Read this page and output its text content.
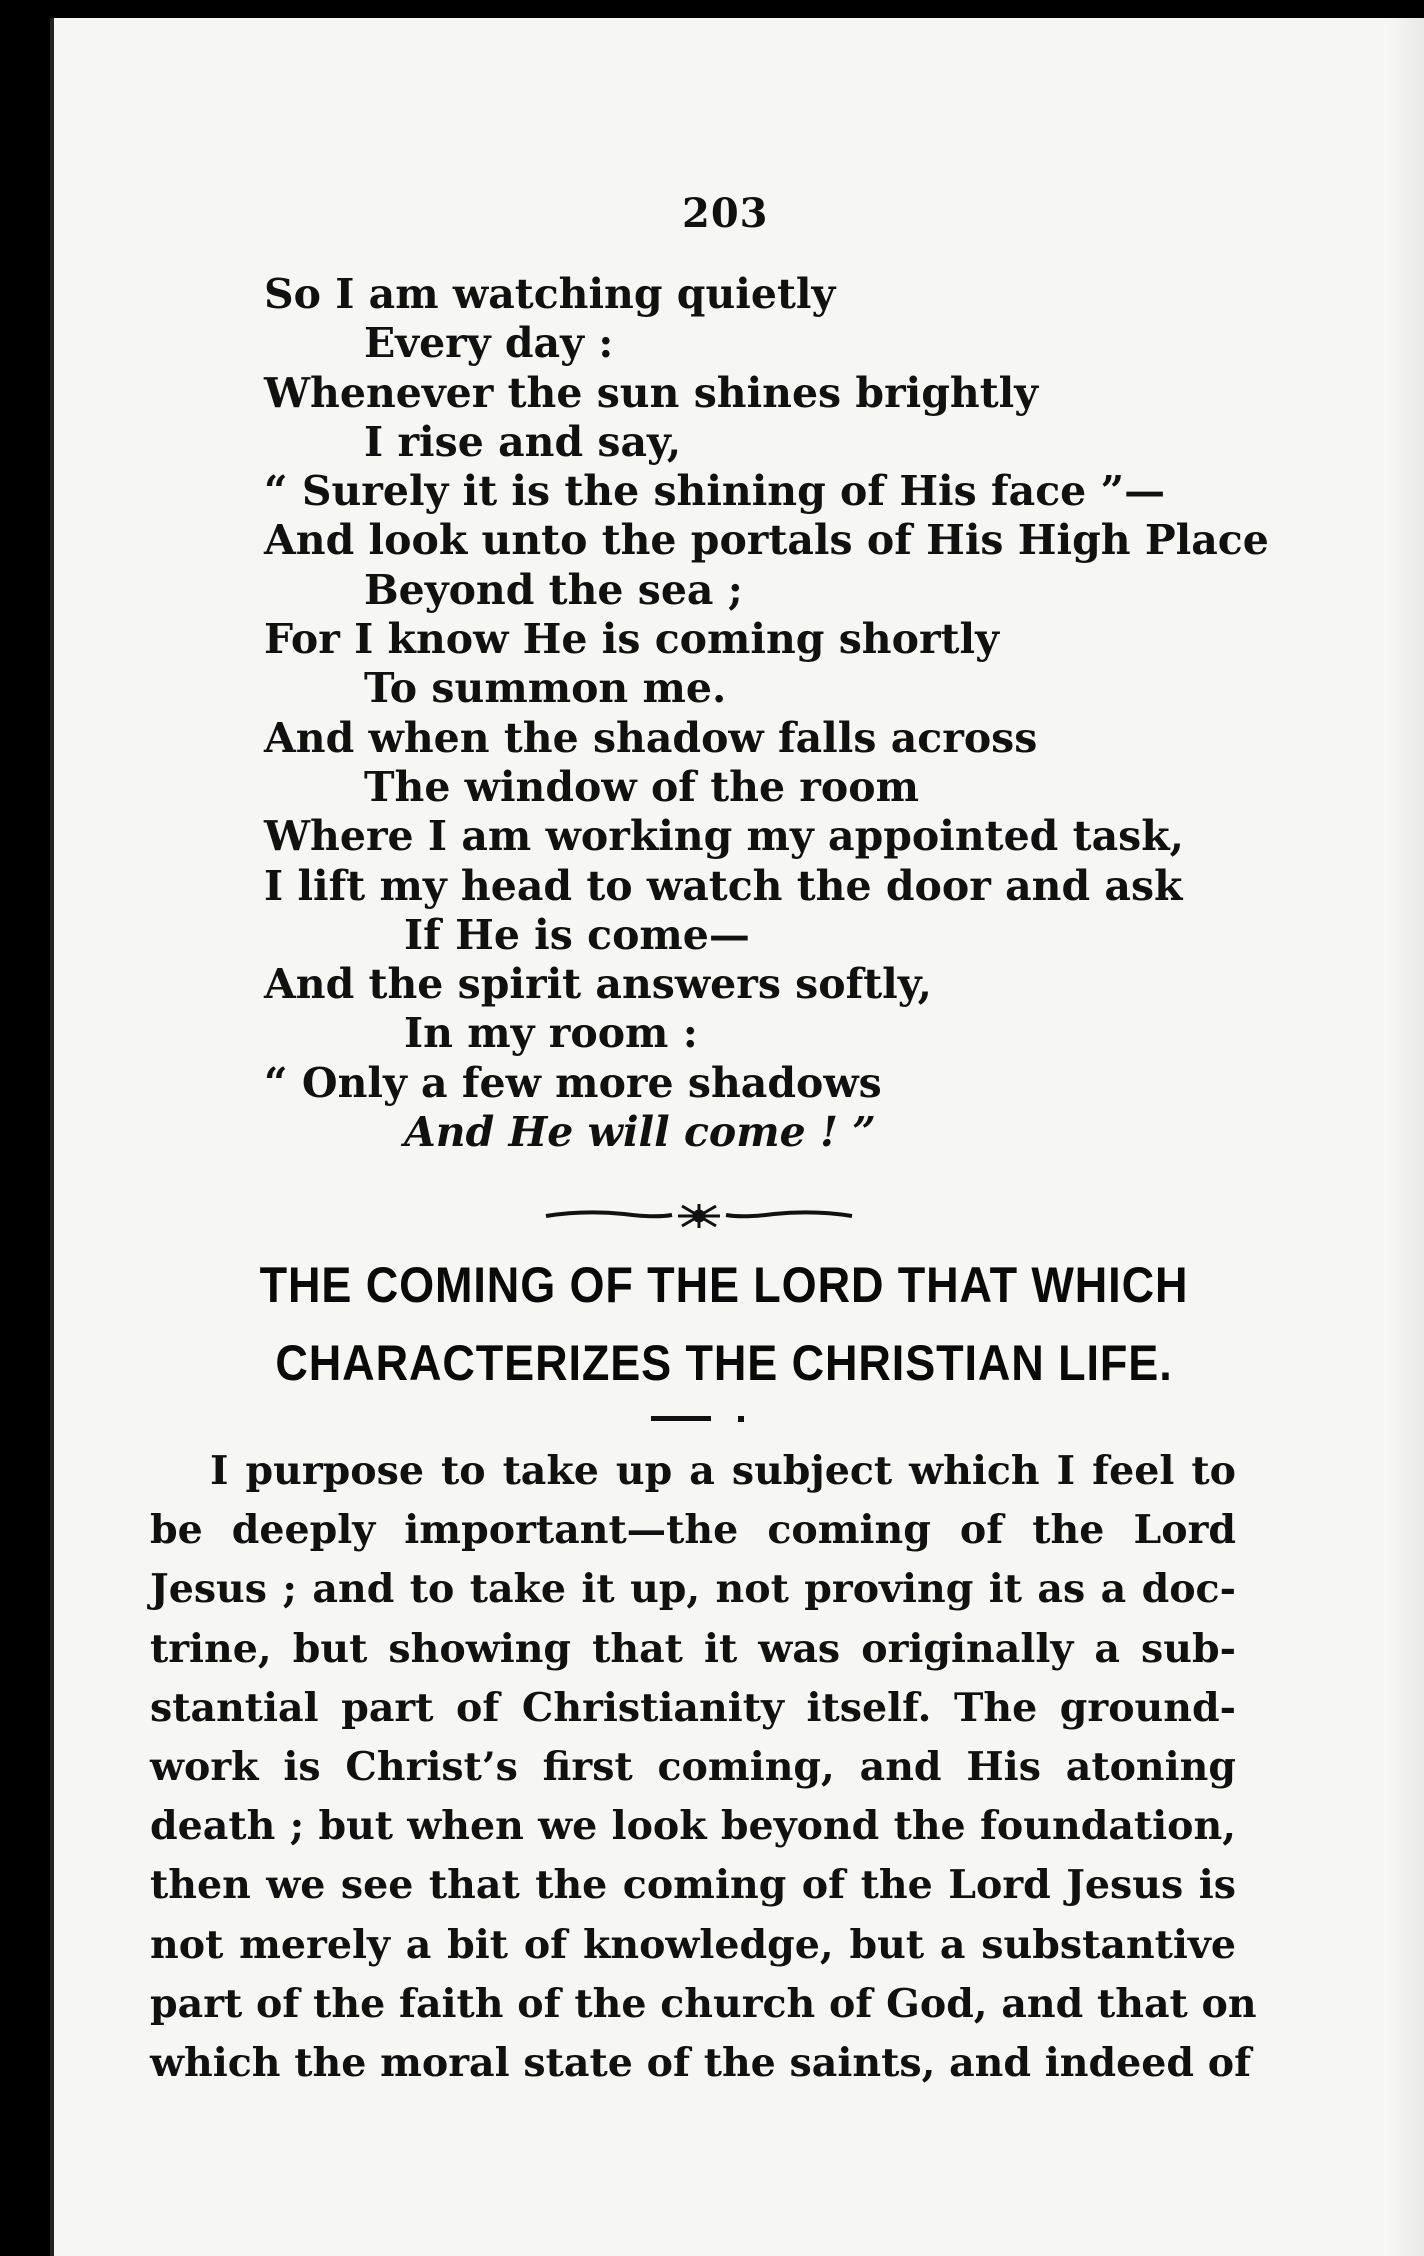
203
So I am watching quietly
Every day :
Whenever the sun shines brightly
I rise and say,
“ Surely it is the shining of His face ”—
And look unto the portals of His High Place
Beyond the sea ;
For I know He is coming shortly
To summon me.
And when the shadow falls across
The window of the room
Where I am working my appointed task,
I lift my head to watch the door and ask
If He is come—
And the spirit answers softly,
In my room :
“ Only a few more shadows
And He will come ! ”
THE COMING OF THE LORD THAT WHICH
CHARACTERIZES THE CHRISTIAN LIFE.
I purpose to take up a subject which I feel to
be deeply important—the coming of the Lord
Jesus ; and to take it up, not proving it as a doc-
trine, but showing that it was originally a sub-
stantial part of Christianity itself. The ground-
work is Christ’s first coming, and His atoning
death ; but when we look beyond the foundation,
then we see that the coming of the Lord Jesus is
not merely a bit of knowledge, but a substantive
part of the faith of the church of God, and that on
which the moral state of the saints, and indeed of
